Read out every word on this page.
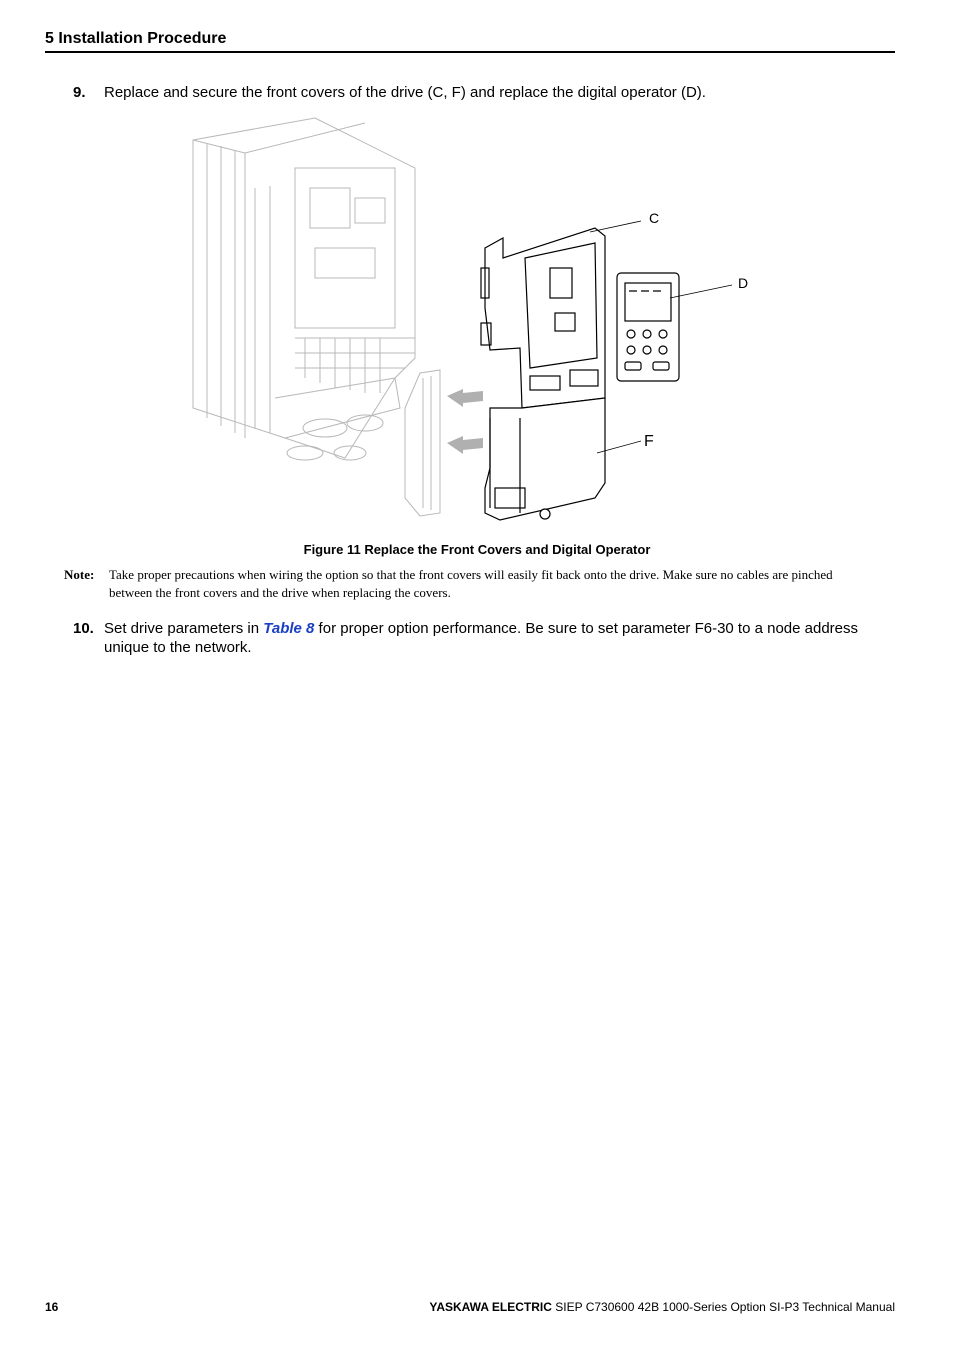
5 Installation Procedure
9. Replace and secure the front covers of the drive (C, F) and replace the digital operator (D).
C
D
F
Figure 11 Replace the Front Covers and Digital Operator
Note: Take proper precautions when wiring the option so that the front covers will easily fit back onto the drive. Make sure no cables are pinched between the front covers and the drive when replacing the covers.
10. Set drive parameters in Table 8 for proper option performance. Be sure to set parameter F6-30 to a node address unique to the network.
16	YASKAWA ELECTRIC SIEP C730600 42B 1000-Series Option SI-P3 Technical Manual
